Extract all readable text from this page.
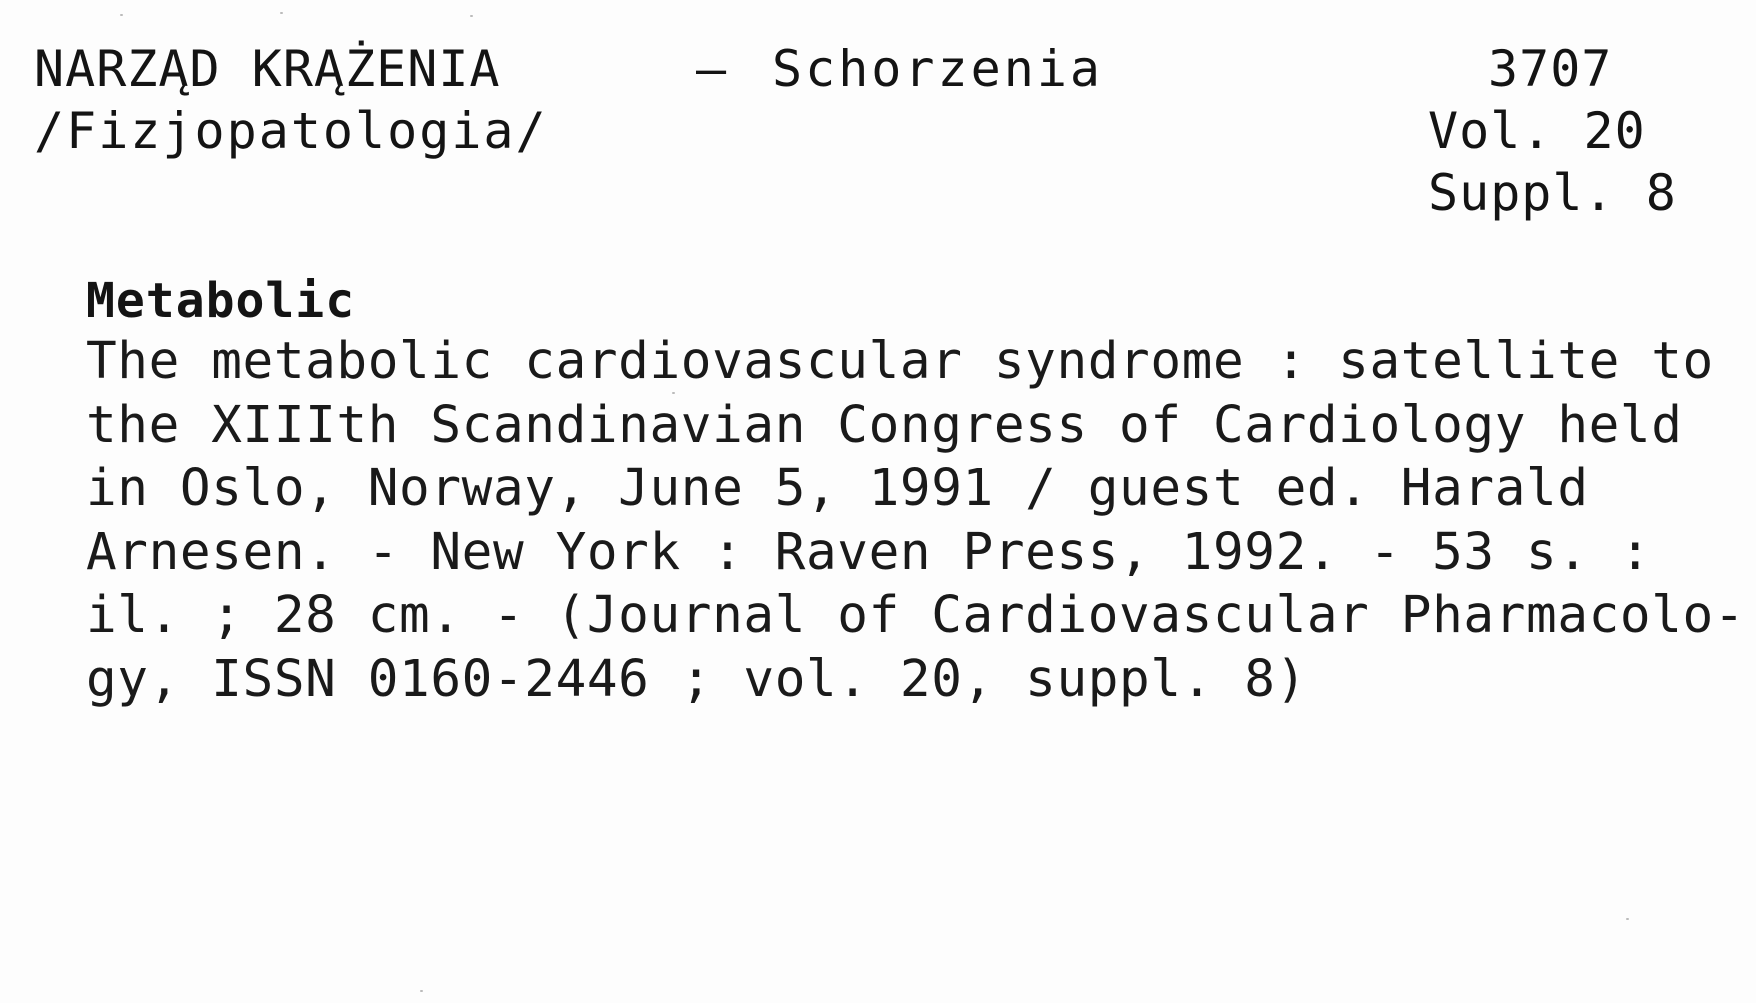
NARZĄD KRĄŻENIA	– Schorzenia
/Fizjopatologia/
3707
Vol. 20
Suppl. 8
Metabolic
The metabolic cardiovascular syndrome : satellite to
the XIIIth Scandinavian Congress of Cardiology held
in Oslo, Norway, June 5, 1991 / guest ed. Harald
Arnesen. - New York : Raven Press, 1992. - 53 s. :
il. ; 28 cm. - (Journal of Cardiovascular Pharmacolo-
gy, ISSN 0160-2446 ; vol. 20, suppl. 8)
